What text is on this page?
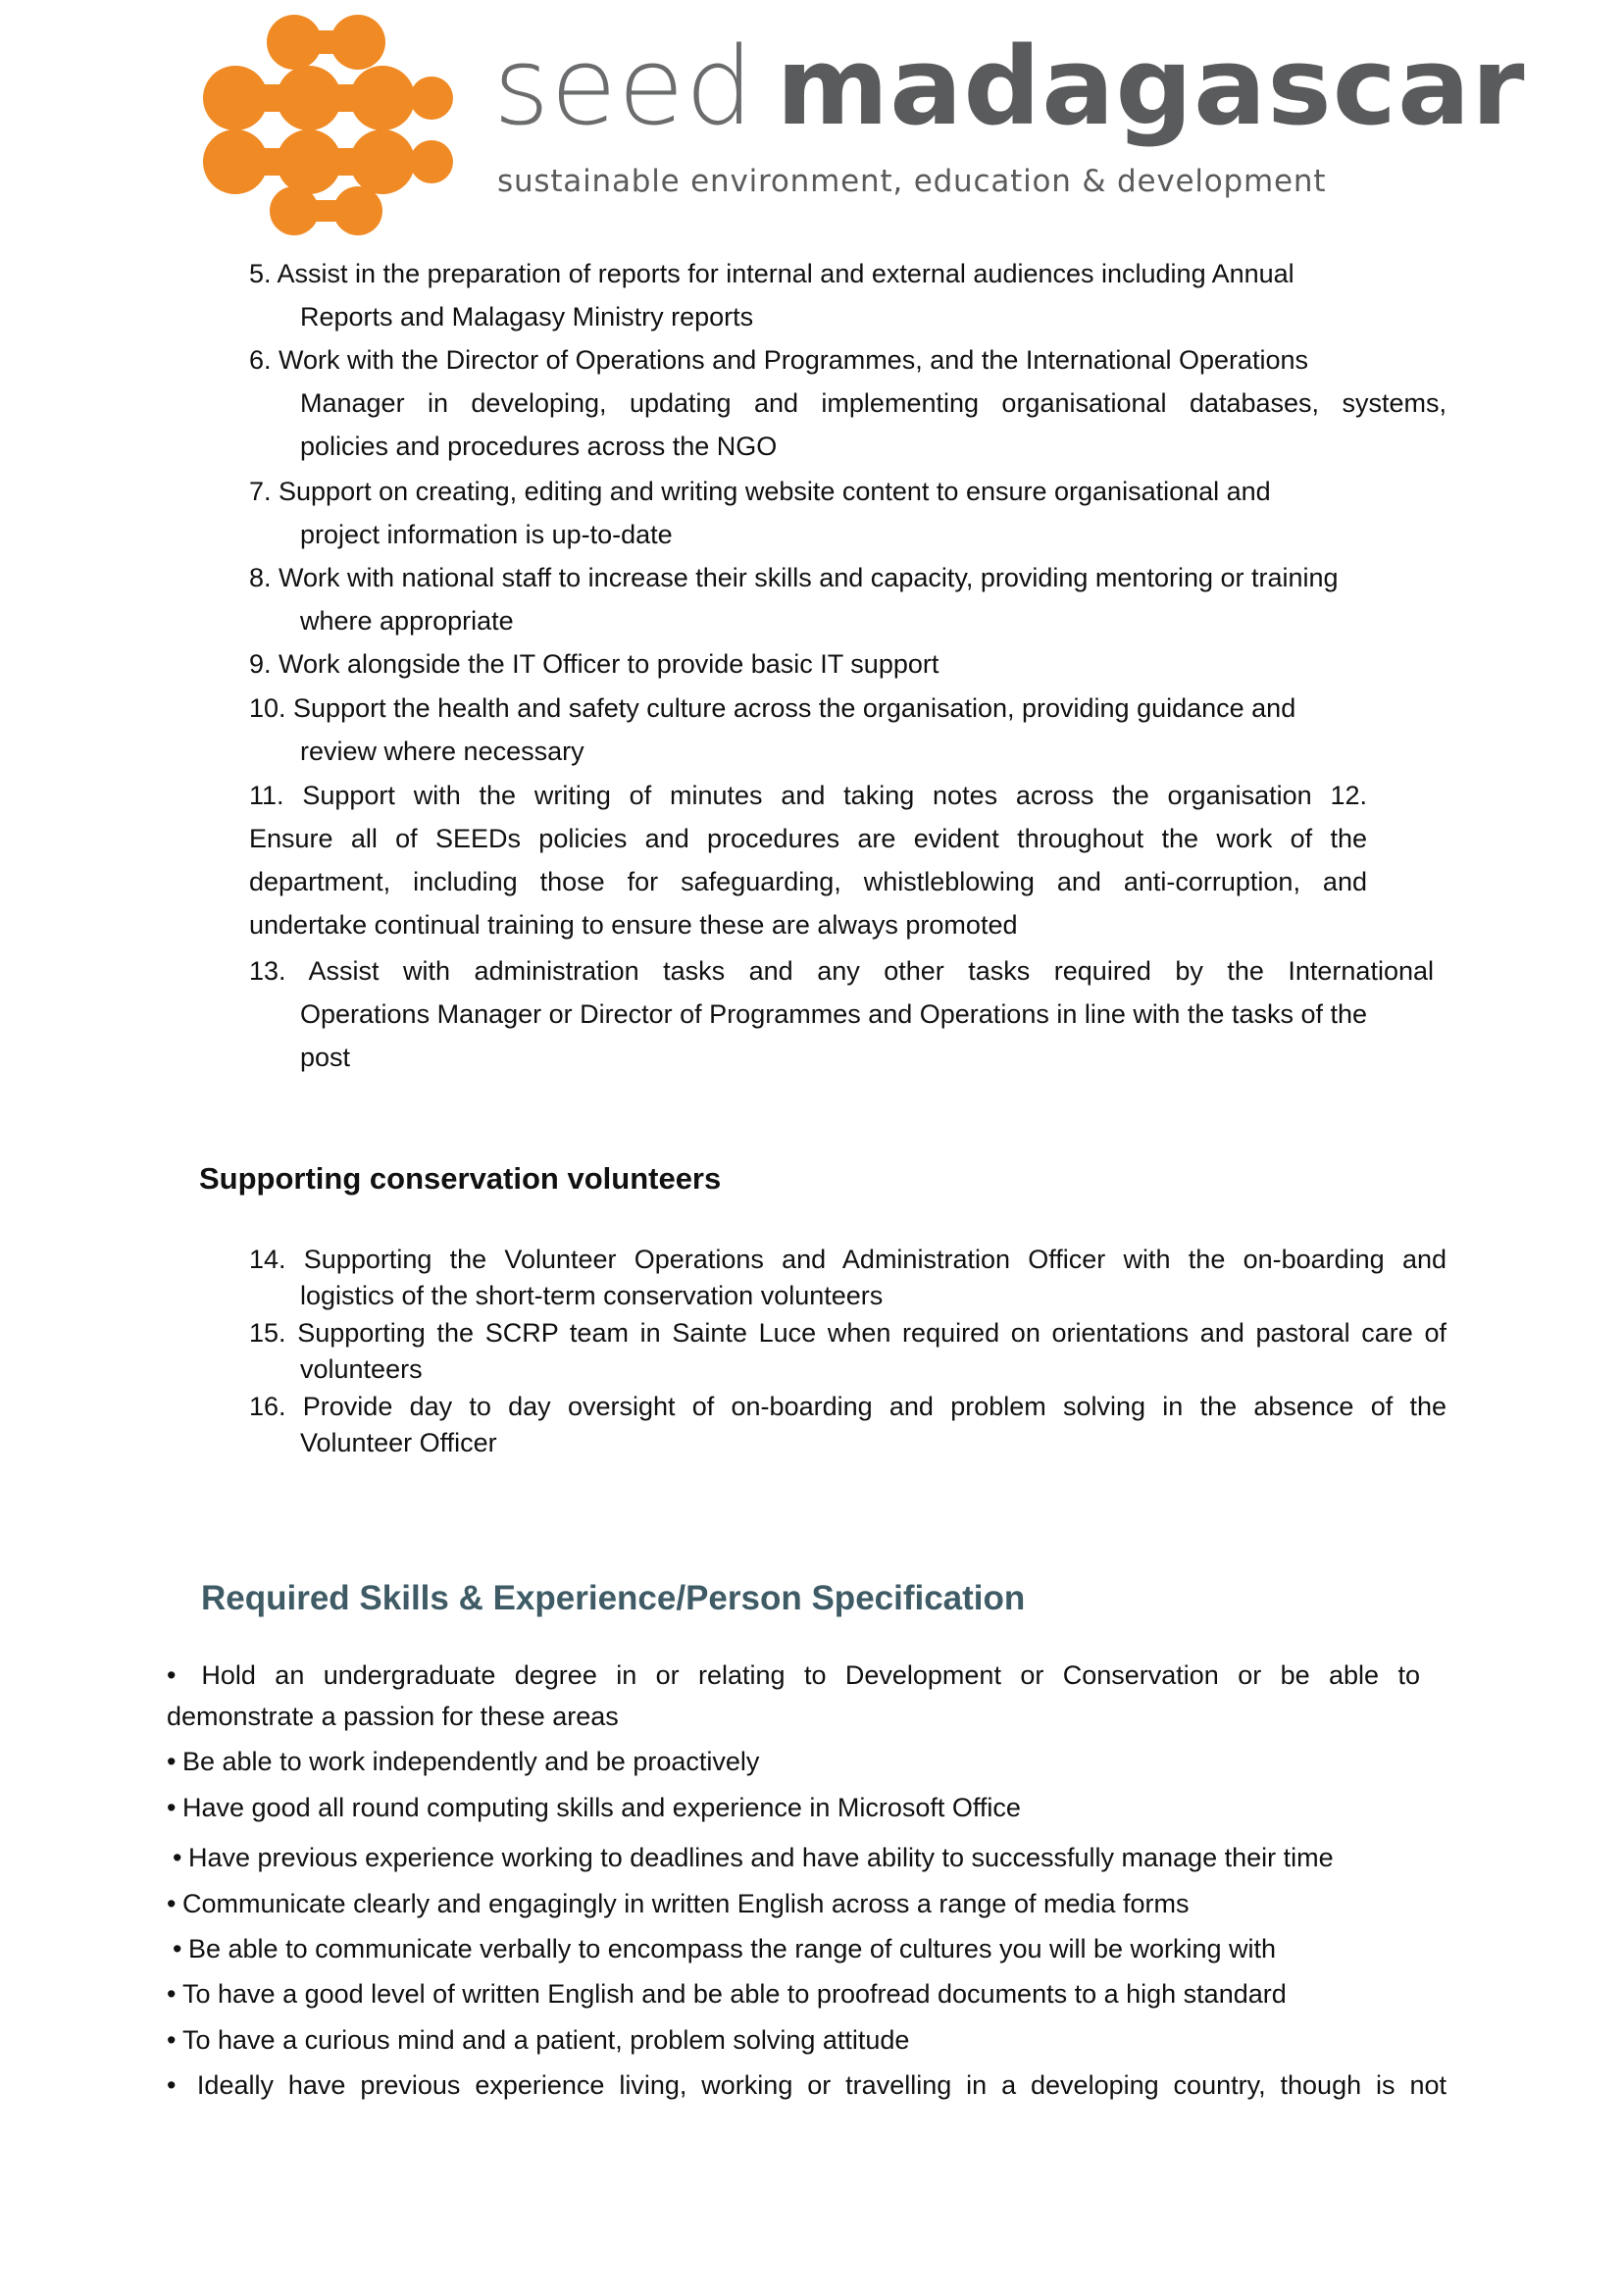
seed madagascar
sustainable environment, education & development
5. Assist in the preparation of reports for internal and external audiences including Annual
Reports and Malagasy Ministry reports
6. Work with the Director of Operations and Programmes, and the International Operations
Manager in developing, updating and implementing organisational databases, systems,
policies and procedures across the NGO
7. Support on creating, editing and writing website content to ensure organisational and
project information is up-to-date
8. Work with national staff to increase their skills and capacity, providing mentoring or training
where appropriate
9. Work alongside the IT Officer to provide basic IT support
10. Support the health and safety culture across the organisation, providing guidance and
review where necessary
11. Support with the writing of minutes and taking notes across the organisation 12.
Ensure all of SEEDs policies and procedures are evident throughout the work of the
department, including those for safeguarding, whistleblowing and anti-corruption, and
undertake continual training to ensure these are always promoted
13. Assist with administration tasks and any other tasks required by the International
Operations Manager or Director of Programmes and Operations in line with the tasks of the
post
Supporting conservation volunteers
14. Supporting the Volunteer Operations and Administration Officer with the on-boarding and
logistics of the short-term conservation volunteers
15. Supporting the SCRP team in Sainte Luce when required on orientations and pastoral care of
volunteers
16. Provide day to day oversight of on-boarding and problem solving in the absence of the
Volunteer Officer
Required Skills & Experience/Person Specification
• Hold an undergraduate degree in or relating to Development or Conservation or be able to
demonstrate a passion for these areas
• Be able to work independently and be proactively
• Have good all round computing skills and experience in Microsoft Office
• Have previous experience working to deadlines and have ability to successfully manage their time
• Communicate clearly and engagingly in written English across a range of media forms
• Be able to communicate verbally to encompass the range of cultures you will be working with
• To have a good level of written English and be able to proofread documents to a high standard
• To have a curious mind and a patient, problem solving attitude
• Ideally have previous experience living, working or travelling in a developing country, though is not
